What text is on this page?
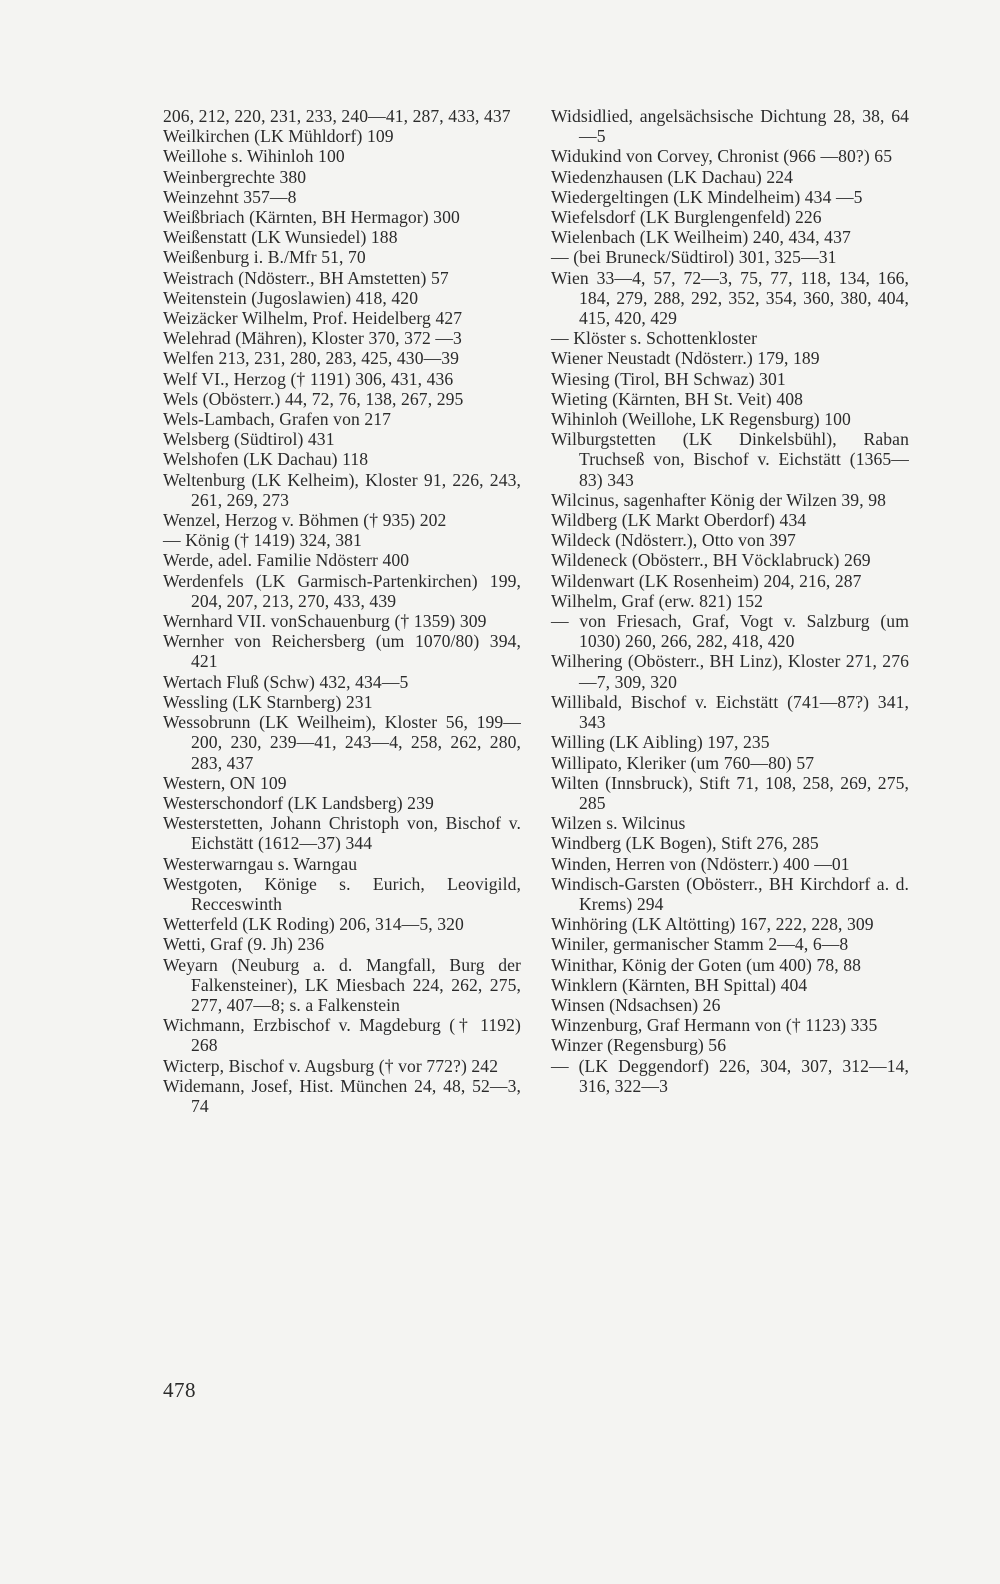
206, 212, 220, 231, 233, 240—41, 287, 433, 437
Weilkirchen (LK Mühldorf) 109
Weillohe s. Wihinloh 100
Weinbergrechte 380
Weinzehnt 357—8
Weißbriach (Kärnten, BH Hermagor) 300
Weißenstatt (LK Wunsiedel) 188
Weißenburg i. B./Mfr 51, 70
Weistrach (Ndösterr., BH Amstetten) 57
Weitenstein (Jugoslawien) 418, 420
Weizäcker Wilhelm, Prof. Heidelberg 427
Welehrad (Mähren), Kloster 370, 372 —3
Welfen 213, 231, 280, 283, 425, 430—39
Welf VI., Herzog († 1191) 306, 431, 436
Wels (Obösterr.) 44, 72, 76, 138, 267, 295
Wels-Lambach, Grafen von 217
Welsberg (Südtirol) 431
Welshofen (LK Dachau) 118
Weltenburg (LK Kelheim), Kloster 91, 226, 243, 261, 269, 273
Wenzel, Herzog v. Böhmen († 935) 202
— König († 1419) 324, 381
Werde, adel. Familie Ndösterr 400
Werdenfels (LK Garmisch-Partenkirchen) 199, 204, 207, 213, 270, 433, 439
Wernhard VII. vonSchauenburg († 1359) 309
Wernher von Reichersberg (um 1070/80) 394, 421
Wertach Fluß (Schw) 432, 434—5
Wessling (LK Starnberg) 231
Wessobrunn (LK Weilheim), Kloster 56, 199—200, 230, 239—41, 243—4, 258, 262, 280, 283, 437
Western, ON 109
Westerschondorf (LK Landsberg) 239
Westerstetten, Johann Christoph von, Bischof v. Eichstätt (1612—37) 344
Westerwarngau s. Warngau
Westgoten, Könige s. Eurich, Leovigild, Recceswinth
Wetterfeld (LK Roding) 206, 314—5, 320
Wetti, Graf (9. Jh) 236
Weyarn (Neuburg a. d. Mangfall, Burg der Falkensteiner), LK Miesbach 224, 262, 275, 277, 407—8; s. a Falkenstein
Wichmann, Erzbischof v. Magdeburg († 1192) 268
Wicterp, Bischof v. Augsburg († vor 772?) 242
Widemann, Josef, Hist. München 24, 48, 52—3, 74
Widsidlied, angelsächsische Dichtung 28, 38, 64—5
Widukind von Corvey, Chronist (966 —80?) 65
Wiedenzhausen (LK Dachau) 224
Wiedergeltingen (LK Mindelheim) 434 —5
Wiefelsdorf (LK Burglengenfeld) 226
Wielenbach (LK Weilheim) 240, 434, 437
— (bei Bruneck/Südtirol) 301, 325—31
Wien 33—4, 57, 72—3, 75, 77, 118, 134, 166, 184, 279, 288, 292, 352, 354, 360, 380, 404, 415, 420, 429
— Klöster s. Schottenkloster
Wiener Neustadt (Ndösterr.) 179, 189
Wiesing (Tirol, BH Schwaz) 301
Wieting (Kärnten, BH St. Veit) 408
Wihinloh (Weillohe, LK Regensburg) 100
Wilburgstetten (LK Dinkelsbühl), Raban Truchseß von, Bischof v. Eichstätt (1365—83) 343
Wilcinus, sagenhafter König der Wilzen 39, 98
Wildberg (LK Markt Oberdorf) 434
Wildeck (Ndösterr.), Otto von 397
Wildeneck (Obösterr., BH Vöcklabruck) 269
Wildenwart (LK Rosenheim) 204, 216, 287
Wilhelm, Graf (erw. 821) 152
— von Friesach, Graf, Vogt v. Salzburg (um 1030) 260, 266, 282, 418, 420
Wilhering (Obösterr., BH Linz), Kloster 271, 276—7, 309, 320
Willibald, Bischof v. Eichstätt (741—87?) 341, 343
Willing (LK Aibling) 197, 235
Willipato, Kleriker (um 760—80) 57
Wilten (Innsbruck), Stift 71, 108, 258, 269, 275, 285
Wilzen s. Wilcinus
Windberg (LK Bogen), Stift 276, 285
Winden, Herren von (Ndösterr.) 400 —01
Windisch-Garsten (Obösterr., BH Kirchdorf a. d. Krems) 294
Winhöring (LK Altötting) 167, 222, 228, 309
Winiler, germanischer Stamm 2—4, 6—8
Winithar, König der Goten (um 400) 78, 88
Winklern (Kärnten, BH Spittal) 404
Winsen (Ndsachsen) 26
Winzenburg, Graf Hermann von († 1123) 335
Winzer (Regensburg) 56
— (LK Deggendorf) 226, 304, 307, 312—14, 316, 322—3
478
